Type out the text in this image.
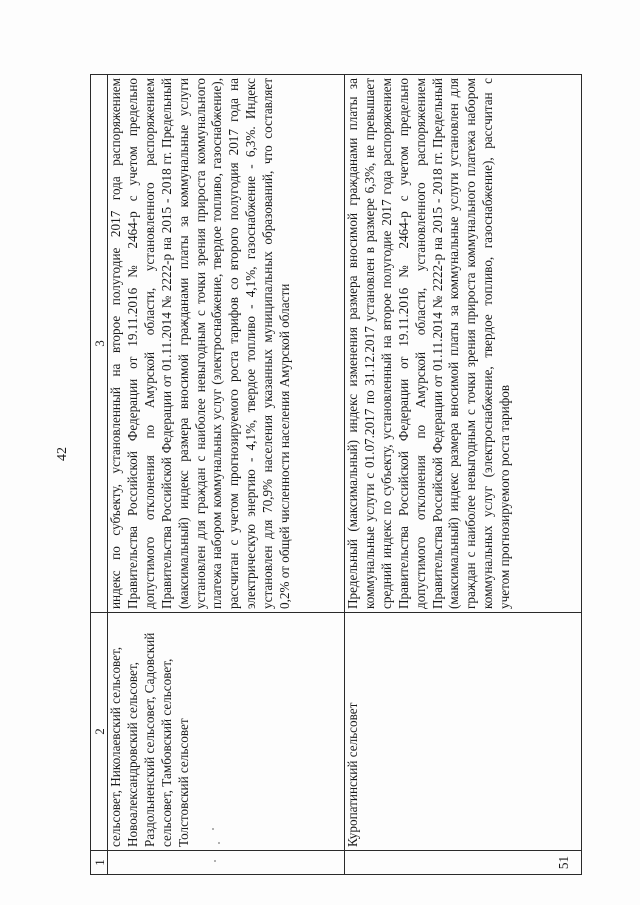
42
1	2	3
	сельсовет, Николаевский сельсовет, Новоалександровский сельсовет, Раздольненский сельсовет, Садовский сельсовет, Тамбовский сельсовет, Толстовский сельсовет	индекс по субъекту, установленный на второе полугодие 2017 года распоряжением Правительства Российской Федерации от 19.11.2016 № 2464-р с учетом предельно допустимого отклонения по Амурской области, установленного распоряжением Правительства Российской Федерации от 01.11.2014 № 2222-р на 2015 - 2018 гг. Предельный (максимальный) индекс размера вносимой гражданами платы за коммунальные услуги установлен для граждан с наиболее невыгодным с точки зрения прироста коммунального платежа набором коммунальных услуг (электроснабжение, твердое топливо, газоснабжение), рассчитан с учетом прогнозируемого роста тарифов со второго полугодия 2017 года на электрическую энергию - 4,1%, твердое топливо - 4,1%, газоснабжение - 6,3%. Индекс установлен для 70,9% населения указанных муниципальных образований, что составляет 0,2% от общей численности населения Амурской области
51	Куропатинский сельсовет	Предельный (максимальный) индекс изменения размера вносимой гражданами платы за коммунальные услуги с 01.07.2017 по 31.12.2017 установлен в размере 6,3%, не превышает средний индекс по субъекту, установленный на второе полугодие 2017 года распоряжением Правительства Российской Федерации от 19.11.2016 № 2464-р с учетом предельно допустимого отклонения по Амурской области, установленного распоряжением Правительства Российской Федерации от 01.11.2014 № 2222-р на 2015 - 2018 гг. Предельный (максимальный) индекс размера вносимой платы за коммунальные услуги установлен для граждан с наиболее невыгодным с точки зрения прироста коммунального платежа набором коммунальных услуг (электроснабжение, твердое топливо, газоснабжение), рассчитан с учетом прогнозируемого роста тарифов
